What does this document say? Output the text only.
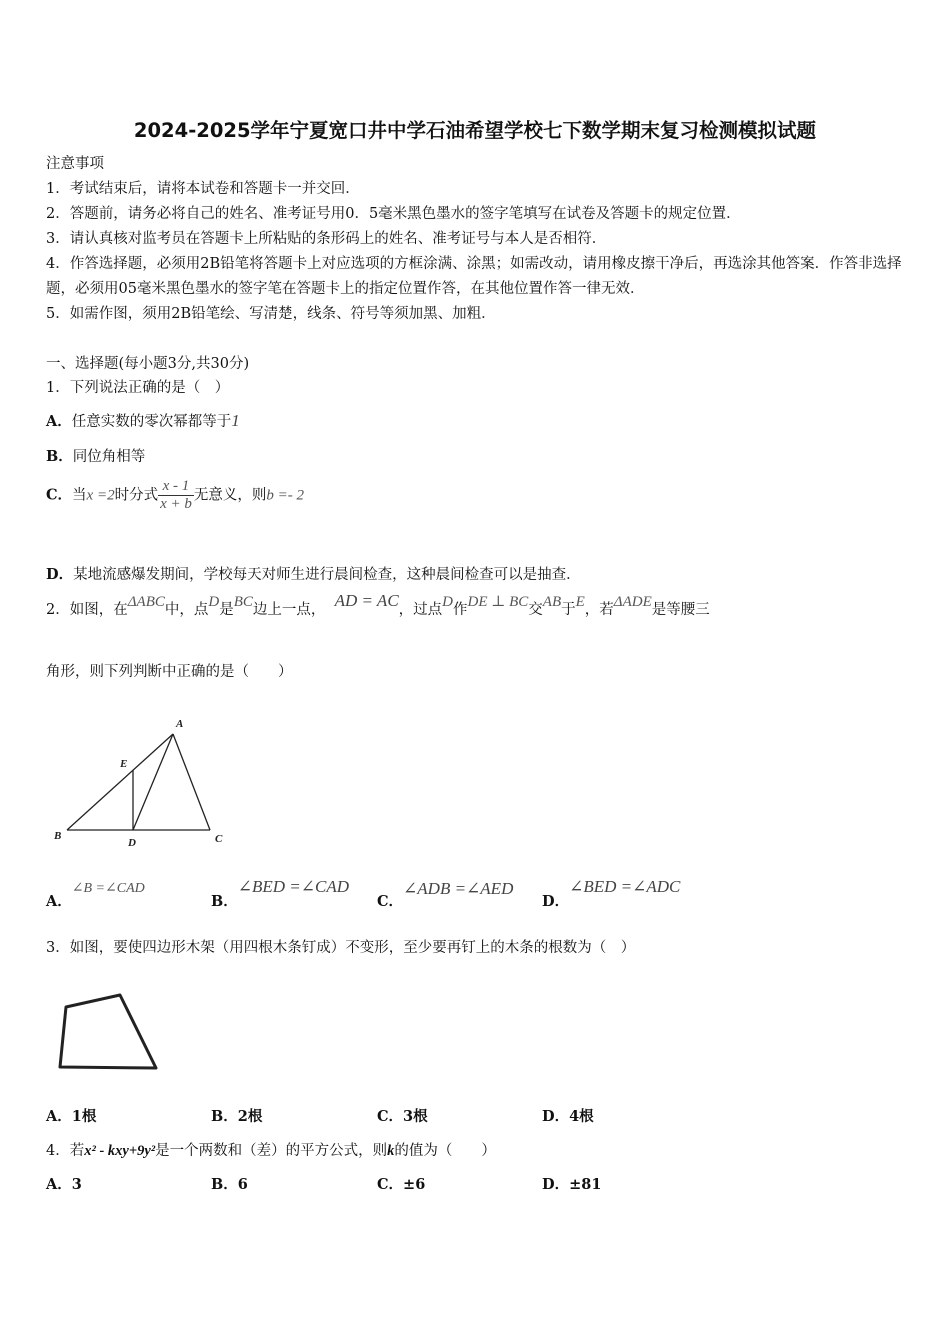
2024-2025学年宁夏宽口井中学石油希望学校七下数学期末复习检测模拟试题
注意事项
1．考试结束后，请将本试卷和答题卡一并交回．
2．答题前，请务必将自己的姓名、准考证号用0．5毫米黑色墨水的签字笔填写在试卷及答题卡的规定位置．
3．请认真核对监考员在答题卡上所粘贴的条形码上的姓名、准考证号与本人是否相符．
4．作答选择题，必须用2B铅笔将答题卡上对应选项的方框涂满、涂黑；如需改动，请用橡皮擦干净后，再选涂其他答案．作答非选择题，必须用05毫米黑色墨水的签字笔在答题卡上的指定位置作答，在其他位置作答一律无效．
5．如需作图，须用2B铅笔绘、写清楚，线条、符号等须加黑、加粗．
一、选择题(每小题3分,共30分)
1．下列说法正确的是（　）
A．任意实数的零次幂都等于1
B．同位角相等
C．当x =2时分式 $\frac{x - 1}{x + b}$ 无意义，则b =- 2
D．某地流感爆发期间，学校每天对师生进行晨间检查，这种晨间检查可以是抽查．
2．如图，在ΔABC中，点D是BC边上一点， AD = AC，过点D作DE ⊥ BC交AB于E，若ΔADE是等腰三
角形，则下列判断中正确的是（　　）
A
B	C
D
E
A．∠B =∠CAD
B．∠BED =∠CAD
C．∠ADB =∠AED
D．∠BED =∠ADC
3．如图，要使四边形木架（用四根木条钉成）不变形，至少要再钉上的木条的根数为（　）
A．1根	B．2根	C．3根	D．4根
4．若x² - kxy+9y²是一个两数和（差）的平方公式，则k的值为（　　）
A．3	B．6	C．±6	D．±81
